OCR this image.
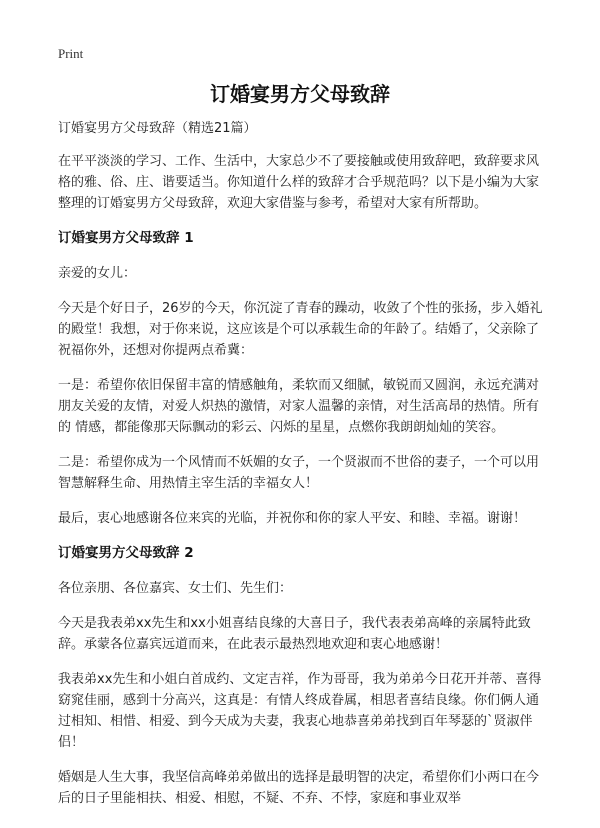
Print
订婚宴男方父母致辞

订婚宴男方父母致辞（精选21篇）

在平平淡淡的学习、工作、生活中，大家总少不了要接触或使用致辞吧，致辞要求风格的雅、俗、庄、谐要适当。你知道什么样的致辞才合乎规范吗？以下是小编为大家整理的订婚宴男方父母致辞，欢迎大家借鉴与参考，希望对大家有所帮助。

订婚宴男方父母致辞 1

亲爱的女儿：

今天是个好日子，26岁的今天，你沉淀了青春的躁动，收敛了个性的张扬，步入婚礼的殿堂！我想，对于你来说，这应该是个可以承载生命的年龄了。结婚了，父亲除了祝福你外，还想对你提两点希冀：

一是：希望你依旧保留丰富的情感触角，柔软而又细腻，敏锐而又圆润，永远充满对朋友关爱的友情，对爱人炽热的激情，对家人温馨的亲情，对生活高昂的热情。所有的 情感，都能像那天际飘动的彩云、闪烁的星星，点燃你我朗朗灿灿的笑容。

二是：希望你成为一个风情而不妖媚的女子，一个贤淑而不世俗的妻子，一个可以用智慧解释生命、用热情主宰生活的幸福女人！

最后，衷心地感谢各位来宾的光临，并祝你和你的家人平安、和睦、幸福。谢谢！

订婚宴男方父母致辞 2

各位亲朋、各位嘉宾、女士们、先生们：

今天是我表弟xx先生和xx小姐喜结良缘的大喜日子，我代表表弟高峰的亲属特此致辞。承蒙各位嘉宾远道而来，在此表示最热烈地欢迎和衷心地感谢！

我表弟xx先生和小姐白首成约、文定吉祥，作为哥哥，我为弟弟今日花开并蒂、喜得窈窕佳丽，感到十分高兴，这真是：有情人终成眷属，相思者喜结良缘。你们俩人通过相知、相惜、相爱、到今天成为夫妻，我衷心地恭喜弟弟找到百年琴瑟的`贤淑伴侣！

婚姻是人生大事，我坚信高峰弟弟做出的选择是最明智的决定，希望你们小两口在今后的日子里能相扶、相爱、相慰，不疑、不弃、不悖，家庭和事业双举
